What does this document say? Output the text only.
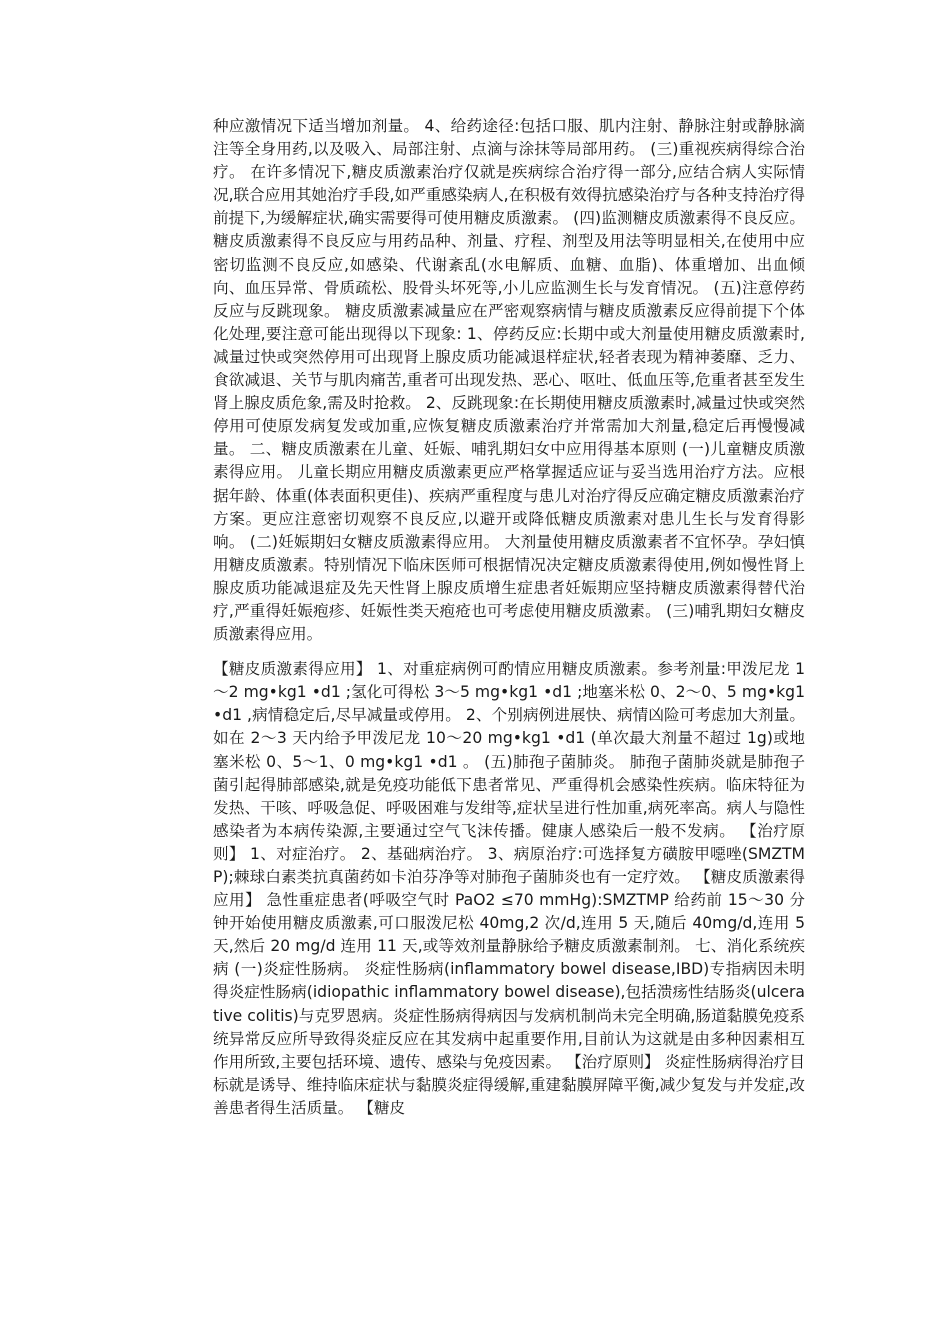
种应激情况下适当增加剂量。 4、给药途径:包括口服、肌内注射、静脉注射或静脉滴注等全身用药,以及吸入、局部注射、点滴与涂抹等局部用药。 (三)重视疾病得综合治疗。 在许多情况下,糖皮质激素治疗仅就是疾病综合治疗得一部分,应结合病人实际情况,联合应用其她治疗手段,如严重感染病人,在积极有效得抗感染治疗与各种支持治疗得前提下,为缓解症状,确实需要得可使用糖皮质激素。 (四)监测糖皮质激素得不良反应。 糖皮质激素得不良反应与用药品种、剂量、疗程、剂型及用法等明显相关,在使用中应密切监测不良反应,如感染、代谢紊乱(水电解质、血糖、血脂)、体重增加、出血倾向、血压异常、骨质疏松、股骨头坏死等,小儿应监测生长与发育情况。 (五)注意停药反应与反跳现象。 糖皮质激素减量应在严密观察病情与糖皮质激素反应得前提下个体化处理,要注意可能出现得以下现象: 1、停药反应:长期中或大剂量使用糖皮质激素时,减量过快或突然停用可出现肾上腺皮质功能减退样症状,轻者表现为精神萎靡、乏力、食欲减退、关节与肌肉痛苦,重者可出现发热、恶心、呕吐、低血压等,危重者甚至发生肾上腺皮质危象,需及时抢救。 2、反跳现象:在长期使用糖皮质激素时,减量过快或突然停用可使原发病复发或加重,应恢复糖皮质激素治疗并常需加大剂量,稳定后再慢慢减量。 二、糖皮质激素在儿童、妊娠、哺乳期妇女中应用得基本原则 (一)儿童糖皮质激素得应用。 儿童长期应用糖皮质激素更应严格掌握适应证与妥当选用治疗方法。应根据年龄、体重(体表面积更佳)、疾病严重程度与患儿对治疗得反应确定糖皮质激素治疗方案。更应注意密切观察不良反应,以避开或降低糖皮质激素对患儿生长与发育得影响。 (二)妊娠期妇女糖皮质激素得应用。 大剂量使用糖皮质激素者不宜怀孕。孕妇慎用糖皮质激素。特别情况下临床医师可根据情况决定糖皮质激素得使用,例如慢性肾上腺皮质功能减退症及先天性肾上腺皮质增生症患者妊娠期应坚持糖皮质激素得替代治疗,严重得妊娠疱疹、妊娠性类天疱疮也可考虑使用糖皮质激素。 (三)哺乳期妇女糖皮质激素得应用。

【糖皮质激素得应用】 1、对重症病例可酌情应用糖皮质激素。参考剂量:甲泼尼龙 1～2 mg•kg1 •d1 ;氢化可得松 3～5 mg•kg1 •d1 ;地塞米松 0、2～0、5 mg•kg1 •d1 ,病情稳定后,尽早减量或停用。 2、个别病例进展快、病情凶险可考虑加大剂量。如在 2～3 天内给予甲泼尼龙 10～20 mg•kg1 •d1 (单次最大剂量不超过 1g)或地塞米松 0、5～1、0 mg•kg1 •d1 。 (五)肺孢子菌肺炎。 肺孢子菌肺炎就是肺孢子菌引起得肺部感染,就是免疫功能低下患者常见、严重得机会感染性疾病。临床特征为发热、干咳、呼吸急促、呼吸困难与发绀等,症状呈进行性加重,病死率高。病人与隐性感染者为本病传染源,主要通过空气飞沫传播。健康人感染后一般不发病。 【治疗原则】 1、对症治疗。 2、基础病治疗。 3、病原治疗:可选择复方磺胺甲噁唑(SMZTMP);棘球白素类抗真菌药如卡泊芬净等对肺孢子菌肺炎也有一定疗效。 【糖皮质激素得应用】 急性重症患者(呼吸空气时 PaO2 ≤70 mmHg):SMZTMP 给药前 15～30 分钟开始使用糖皮质激素,可口服泼尼松 40mg,2 次/d,连用 5 天,随后 40mg/d,连用 5 天,然后 20 mg/d 连用 11 天,或等效剂量静脉给予糖皮质激素制剂。 七、消化系统疾病 (一)炎症性肠病。 炎症性肠病(inflammatory bowel disease,IBD)专指病因未明得炎症性肠病(idiopathic inflammatory bowel disease),包括溃疡性结肠炎(ulcerative colitis)与克罗恩病。炎症性肠病得病因与发病机制尚未完全明确,肠道黏膜免疫系统异常反应所导致得炎症反应在其发病中起重要作用,目前认为这就是由多种因素相互作用所致,主要包括环境、遗传、感染与免疫因素。 【治疗原则】 炎症性肠病得治疗目标就是诱导、维持临床症状与黏膜炎症得缓解,重建黏膜屏障平衡,减少复发与并发症,改善患者得生活质量。 【糖皮
